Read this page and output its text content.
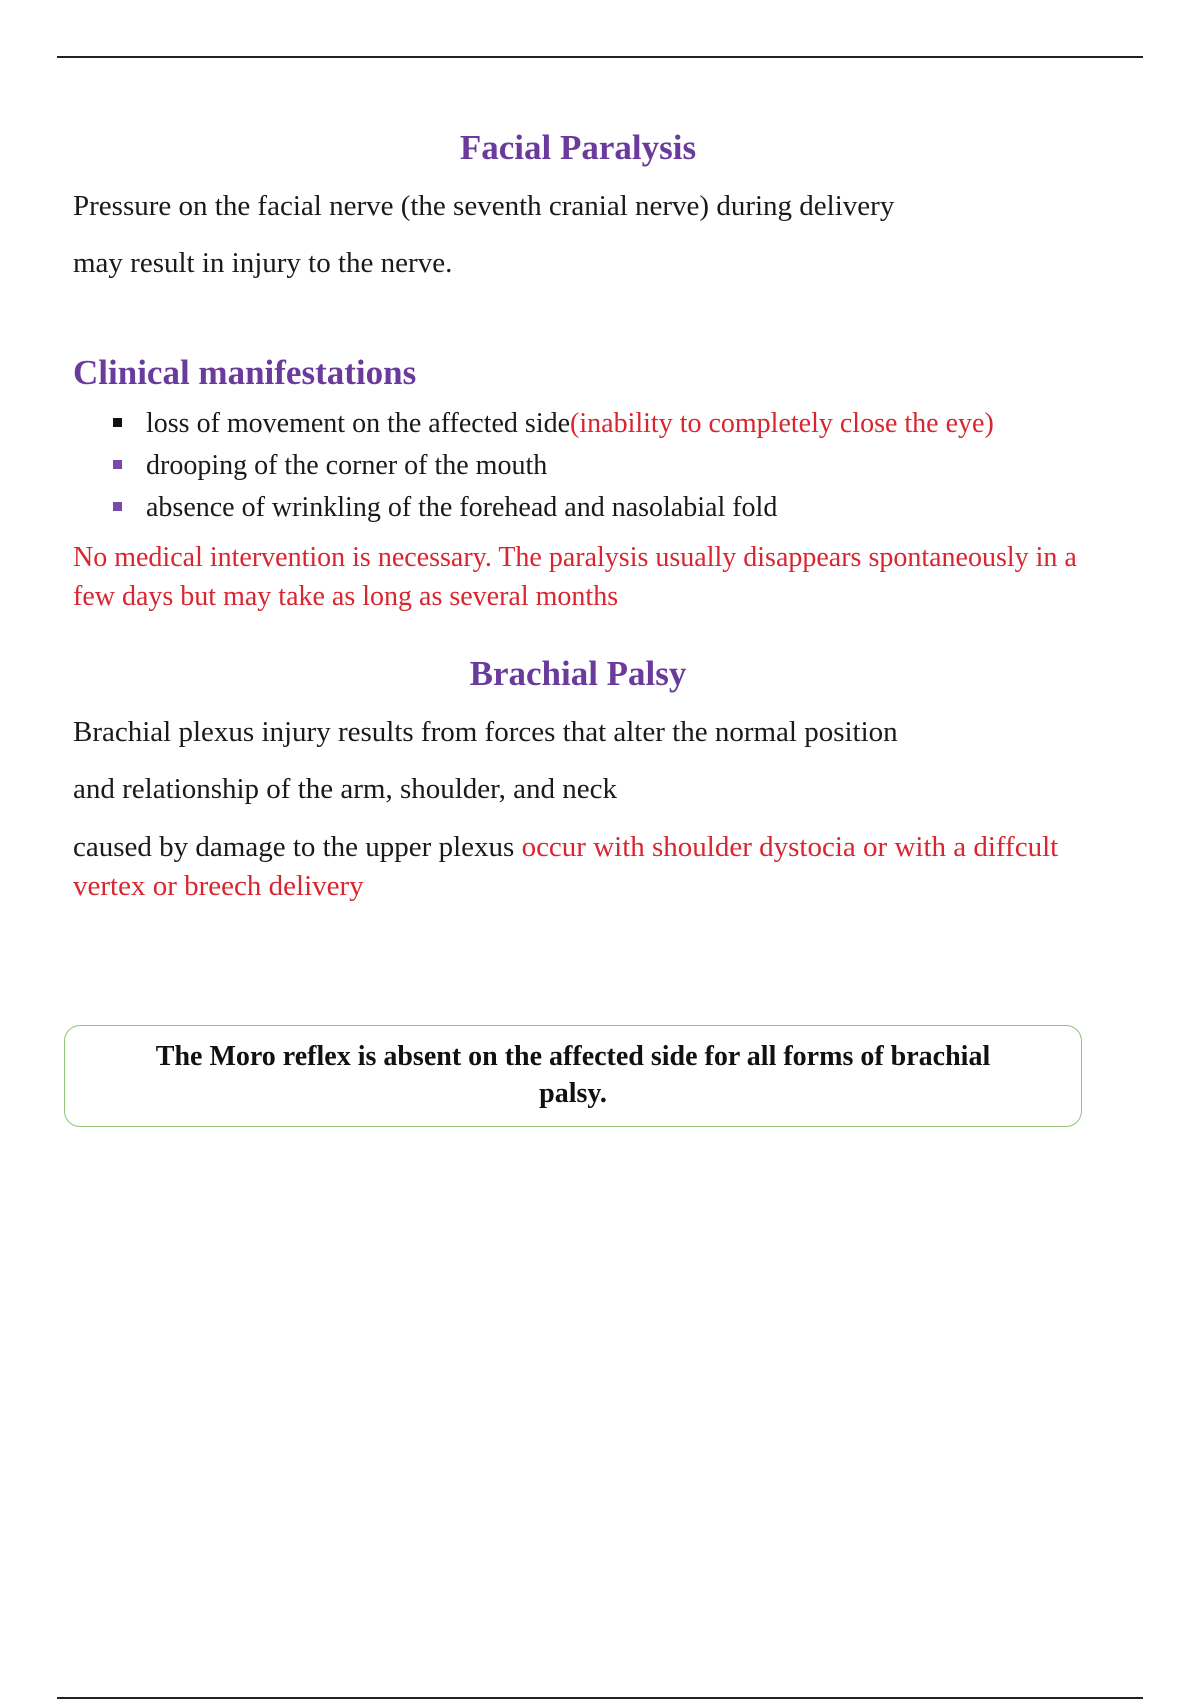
Facial Paralysis

Pressure on the facial nerve (the seventh cranial nerve) during delivery

may result in injury to the nerve.

Clinical manifestations
loss of movement on the affected side(inability to completely close the eye)
drooping of the corner of the mouth
absence of wrinkling of the forehead and nasolabial fold

No medical intervention is necessary. The paralysis usually disappears spontaneously in a few days but may take as long as several months

Brachial Palsy

Brachial plexus injury results from forces that alter the normal position

and relationship of the arm, shoulder, and neck

caused by damage to the upper plexus occur with shoulder dystocia or with a diffcult vertex or breech delivery

The Moro reflex is absent on the affected side for all forms of brachial palsy.
